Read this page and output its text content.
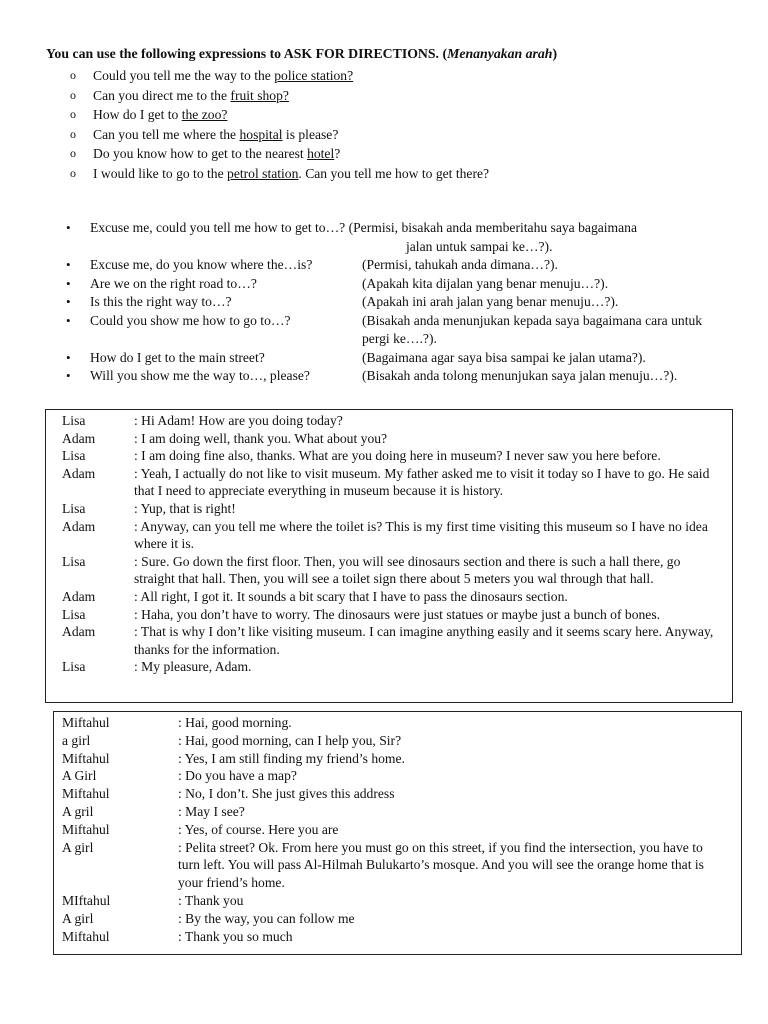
You can use the following expressions to ASK FOR DIRECTIONS. (Menanyakan arah)
o Could you tell me the way to the police station?
o Can you direct me to the fruit shop?
o How do I get to the zoo?
o Can you tell me where the hospital is please?
o Do you know how to get to the nearest hotel?
o I would like to go to the petrol station. Can you tell me how to get there?
• Excuse me, could you tell me how to get to…? (Permisi, bisakah anda memberitahu saya bagaimana
jalan untuk sampai ke…?).
• Excuse me, do you know where the…is?	(Permisi, tahukah anda dimana…?).
• Are we on the right road to…?	(Apakah kita dijalan yang benar menuju…?).
• Is this the right way to…?	(Apakah ini arah jalan yang benar menuju…?).
• Could you show me how to go to…?	(Bisakah anda menunjukan kepada saya bagaimana cara untuk pergi ke….?).
• How do I get to the main street?	(Bagaimana agar saya bisa sampai ke jalan utama?).
• Will you show me the way to…, please?	(Bisakah anda tolong menunjukan saya jalan menuju…?).
Lisa	: Hi Adam! How are you doing today?
Adam	: I am doing well, thank you. What about you?
Lisa	: I am doing fine also, thanks. What are you doing here in museum? I never saw you here before.
Adam	: Yeah, I actually do not like to visit museum. My father asked me to visit it today so I have to go. He said that I need to appreciate everything in museum because it is history.
Lisa	: Yup, that is right!
Adam	: Anyway, can you tell me where the toilet is? This is my first time visiting this museum so I have no idea where it is.
Lisa	: Sure. Go down the first floor. Then, you will see dinosaurs section and there is such a hall there, go straight that hall. Then, you will see a toilet sign there about 5 meters you wal through that hall.
Adam	: All right, I got it. It sounds a bit scary that I have to pass the dinosaurs section.
Lisa	: Haha, you don’t have to worry. The dinosaurs were just statues or maybe just a bunch of bones.
Adam	: That is why I don’t like visiting museum. I can imagine anything easily and it seems scary here. Anyway, thanks for the information.
Lisa	: My pleasure, Adam.
Miftahul	: Hai, good morning.
a girl	: Hai, good morning, can I help you, Sir?
Miftahul	: Yes, I am still finding my friend’s home.
A Girl	: Do you have a map?
Miftahul	: No, I don’t. She just gives this address
A gril	: May I see?
Miftahul	: Yes, of course. Here you are
A girl	: Pelita street? Ok. From here you must go on this street, if you find the intersection, you have to turn left. You will pass Al-Hilmah Bulukarto’s mosque. And you will see the orange home that is your friend’s home.
MIftahul	: Thank you
A girl	: By the way, you can follow me
Miftahul	: Thank you so much
